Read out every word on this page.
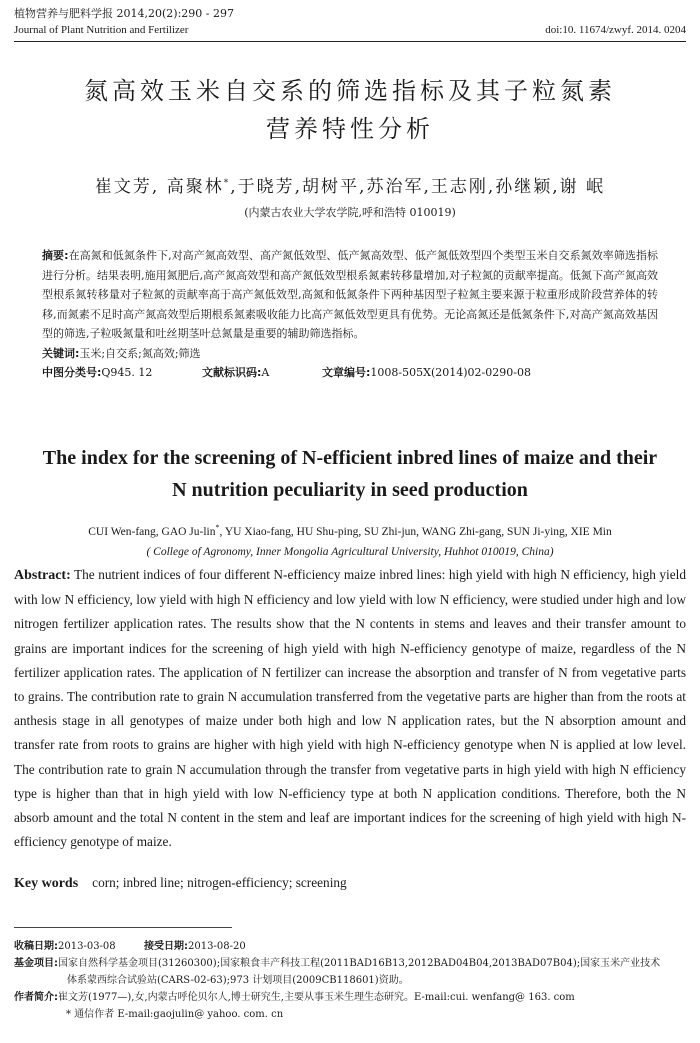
植物营养与肥料学报 2014,20(2):290 - 297
Journal of Plant Nutrition and Fertilizer	doi:10. 11674/zwyf. 2014. 0204
氮高效玉米自交系的筛选指标及其子粒氮素
营养特性分析
崔文芳, 高聚林*,于晓芳,胡树平,苏治军,王志刚,孙继颖,谢 岷
(内蒙古农业大学农学院,呼和浩特 010019)
摘要:在高氮和低氮条件下,对高产氮高效型、高产氮低效型、低产氮高效型、低产氮低效型四个类型玉米自交系氮效率筛选指标进行分析。结果表明,施用氮肥后,高产氮高效型和高产氮低效型根系氮素转移量增加,对子粒氮的贡献率提高。低氮下高产氮高效型根系氮转移量对子粒氮的贡献率高于高产氮低效型,高氮和低氮条件下两种基因型子粒氮主要来源于粒重形成阶段营养体的转移,而氮素不足时高产氮高效型后期根系氮素吸收能力比高产氮低效型更具有优势。无论高氮还是低氮条件下,对高产氮高效基因型的筛选,子粒吸氮量和吐丝期茎叶总氮量是重要的辅助筛选指标。
关键词:玉米;自交系;氮高效;筛选
中图分类号:Q945. 12	文献标识码:A	文章编号:1008-505X(2014)02-0290-08
The index for the screening of N-efficient inbred lines of maize and their
N nutrition peculiarity in seed production
CUI Wen-fang, GAO Ju-lin*, YU Xiao-fang, HU Shu-ping, SU Zhi-jun, WANG Zhi-gang, SUN Ji-ying, XIE Min
( College of Agronomy, Inner Mongolia Agricultural University, Huhhot 010019, China)
Abstract: The nutrient indices of four different N-efficiency maize inbred lines: high yield with high N efficiency, high yield with low N efficiency, low yield with high N efficiency and low yield with low N efficiency, were studied under high and low nitrogen fertilizer application rates. The results show that the N contents in stems and leaves and their transfer amount to grains are important indices for the screening of high yield with high N-efficiency genotype of maize, regardless of the N fertilizer application rates. The application of N fertilizer can increase the absorption and transfer of N from vegetative parts to grains. The contribution rate to grain N accumulation transferred from the vegetative parts are higher than from the roots at anthesis stage in all genotypes of maize under both high and low N application rates, but the N absorption amount and transfer rate from roots to grains are higher with high yield with high N-efficiency genotype when N is applied at low level. The contribution rate to grain N accumulation through the transfer from vegetative parts in high yield with high N efficiency type is higher than that in high yield with low N-efficiency type at both N application conditions. Therefore, both the N absorb amount and the total N content in the stem and leaf are important indices for the screening of high yield with high N-efficiency genotype of maize.
Key words corn; inbred line; nitrogen-efficiency; screening
收稿日期:2013-03-08	接受日期:2013-08-20
基金项目: 国家自然科学基金项目(31260300);国家粮食丰产科技工程(2011BAD16B13,2012BAD04B04,2013BAD07B04);国家玉米产业技术
体系蒙西综合试验站(CARS-02-63);973 计划项目(2009CB118601)资助。
作者简介: 崔文芳(1977—),女,内蒙古呼伦贝尔人,博士研究生,主要从事玉米生理生态研究。E-mail:cui. wenfang@ 163. com
* 通信作者 E-mail:gaojulin@ yahoo. com. cn
